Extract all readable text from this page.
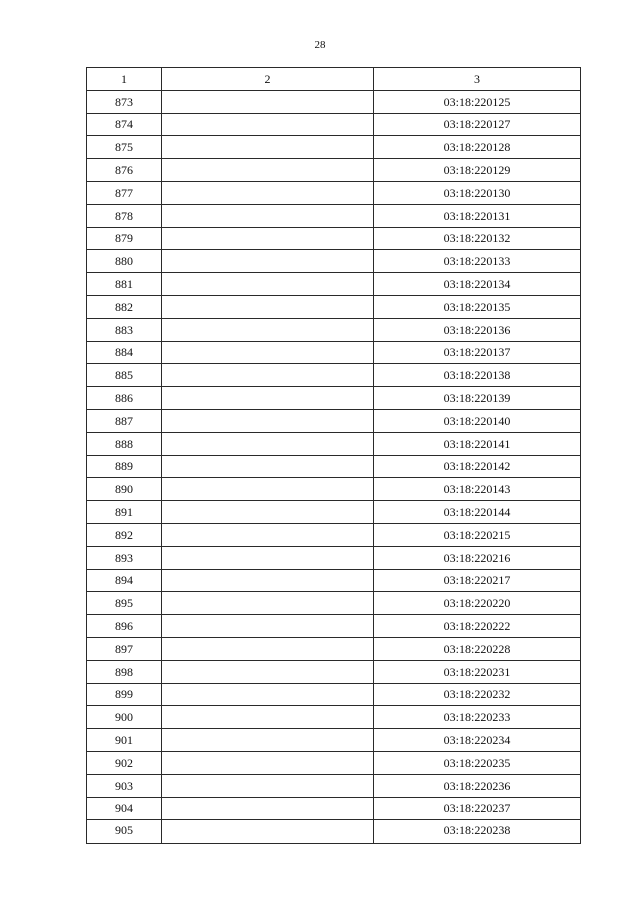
28
1	2	3
873		03:18:220125
874		03:18:220127
875		03:18:220128
876		03:18:220129
877		03:18:220130
878		03:18:220131
879		03:18:220132
880		03:18:220133
881		03:18:220134
882		03:18:220135
883		03:18:220136
884		03:18:220137
885		03:18:220138
886		03:18:220139
887		03:18:220140
888		03:18:220141
889		03:18:220142
890		03:18:220143
891		03:18:220144
892		03:18:220215
893		03:18:220216
894		03:18:220217
895		03:18:220220
896		03:18:220222
897		03:18:220228
898		03:18:220231
899		03:18:220232
900		03:18:220233
901		03:18:220234
902		03:18:220235
903		03:18:220236
904		03:18:220237
905		03:18:220238
